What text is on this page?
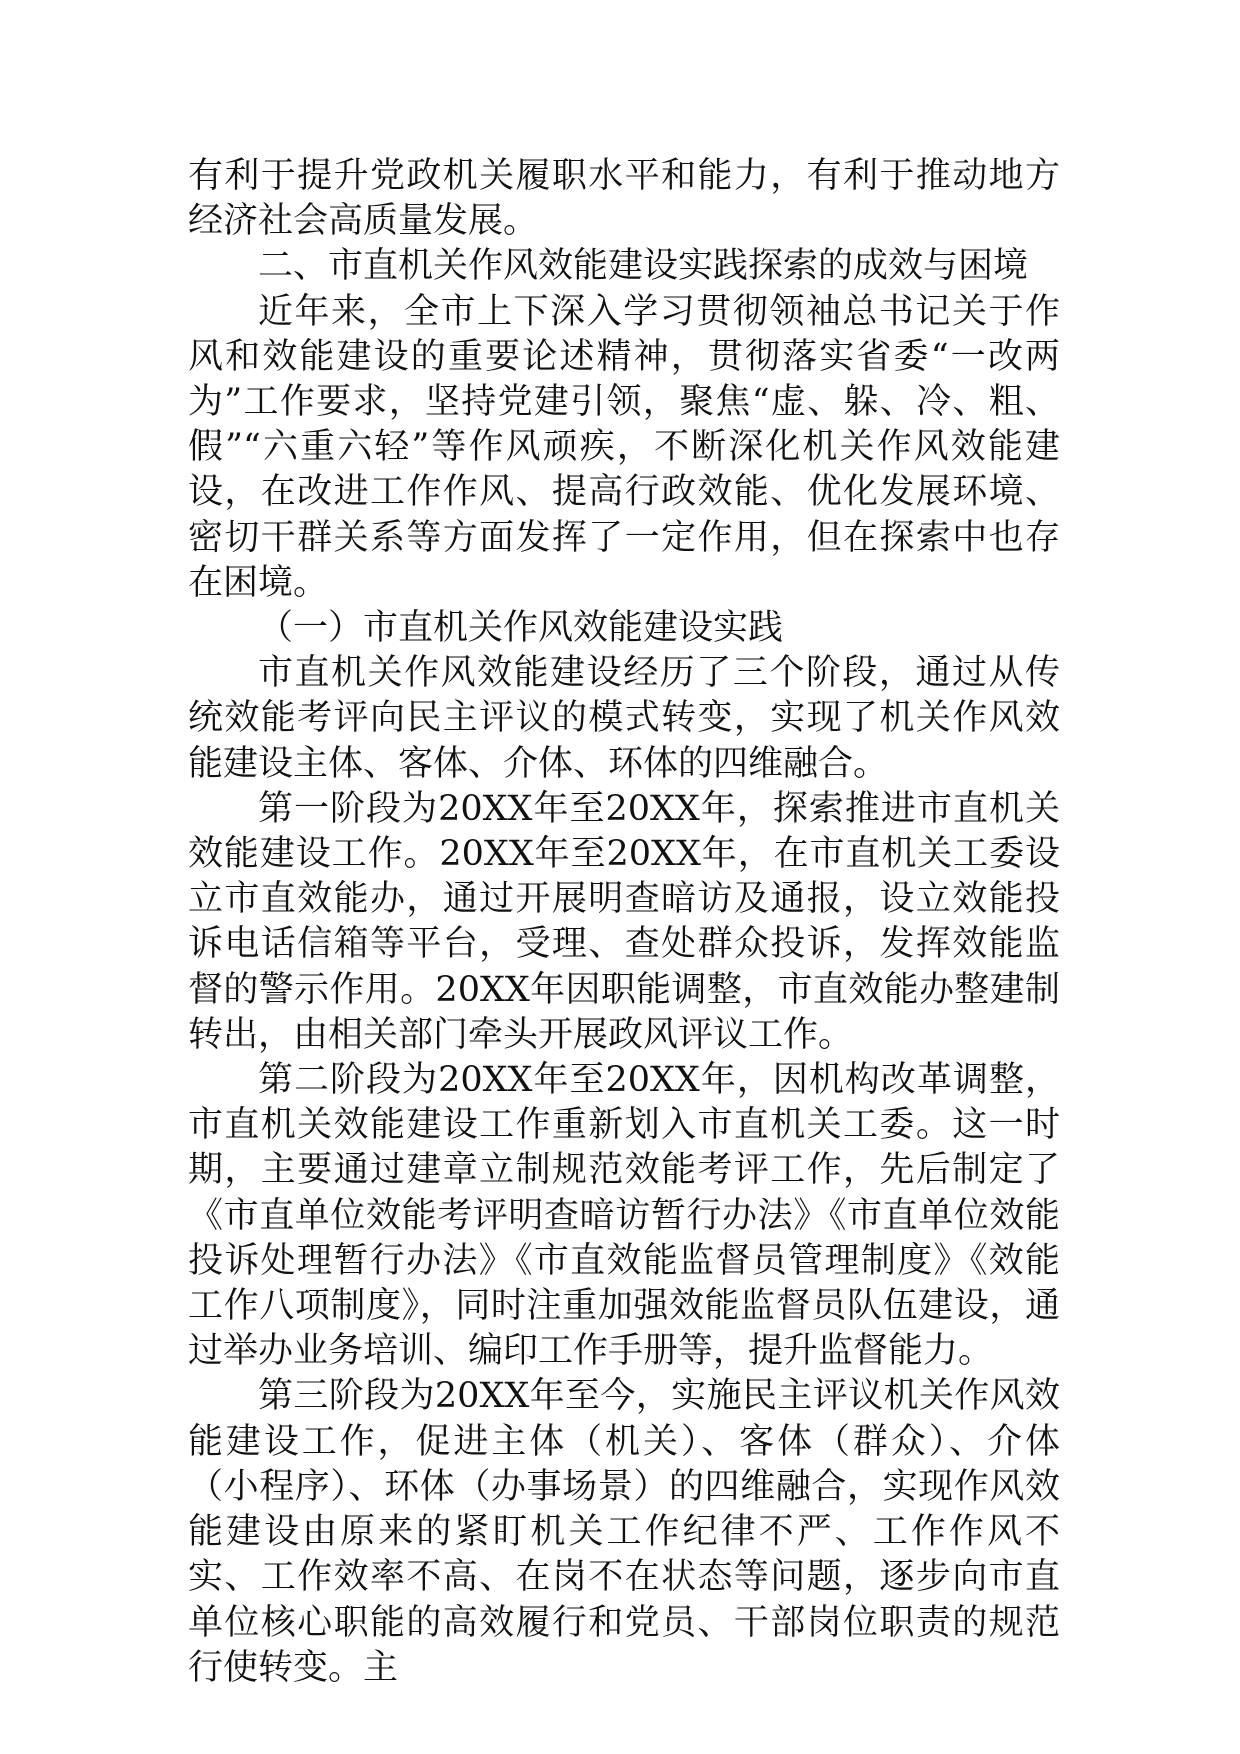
有利于提升党政机关履职水平和能力，有利于推动地方经济社会高质量发展。

二、市直机关作风效能建设实践探索的成效与困境

近年来，全市上下深入学习贯彻领袖总书记关于作风和效能建设的重要论述精神，贯彻落实省委“一改两为”工作要求，坚持党建引领，聚焦“虚、躲、冷、粗、假”“六重六轻”等作风顽疾，不断深化机关作风效能建设，在改进工作作风、提高行政效能、优化发展环境、密切干群关系等方面发挥了一定作用，但在探索中也存在困境。

（一）市直机关作风效能建设实践

市直机关作风效能建设经历了三个阶段，通过从传统效能考评向民主评议的模式转变，实现了机关作风效能建设主体、客体、介体、环体的四维融合。

第一阶段为20XX年至20XX年，探索推进市直机关效能建设工作。20XX年至20XX年，在市直机关工委设立市直效能办，通过开展明查暗访及通报，设立效能投诉电话信箱等平台，受理、查处群众投诉，发挥效能监督的警示作用。20XX年因职能调整，市直效能办整建制转出，由相关部门牵头开展政风评议工作。

第二阶段为20XX年至20XX年，因机构改革调整，市直机关效能建设工作重新划入市直机关工委。这一时期，主要通过建章立制规范效能考评工作，先后制定了《市直单位效能考评明查暗访暂行办法》《市直单位效能投诉处理暂行办法》《市直效能监督员管理制度》《效能工作八项制度》，同时注重加强效能监督员队伍建设，通过举办业务培训、编印工作手册等，提升监督能力。

第三阶段为20XX年至今，实施民主评议机关作风效能建设工作，促进主体（机关）、客体（群众）、介体（小程序）、环体（办事场景）的四维融合，实现作风效能建设由原来的紧盯机关工作纪律不严、工作作风不实、工作效率不高、在岗不在状态等问题，逐步向市直单位核心职能的高效履行和党员、干部岗位职责的规范行使转变。主
